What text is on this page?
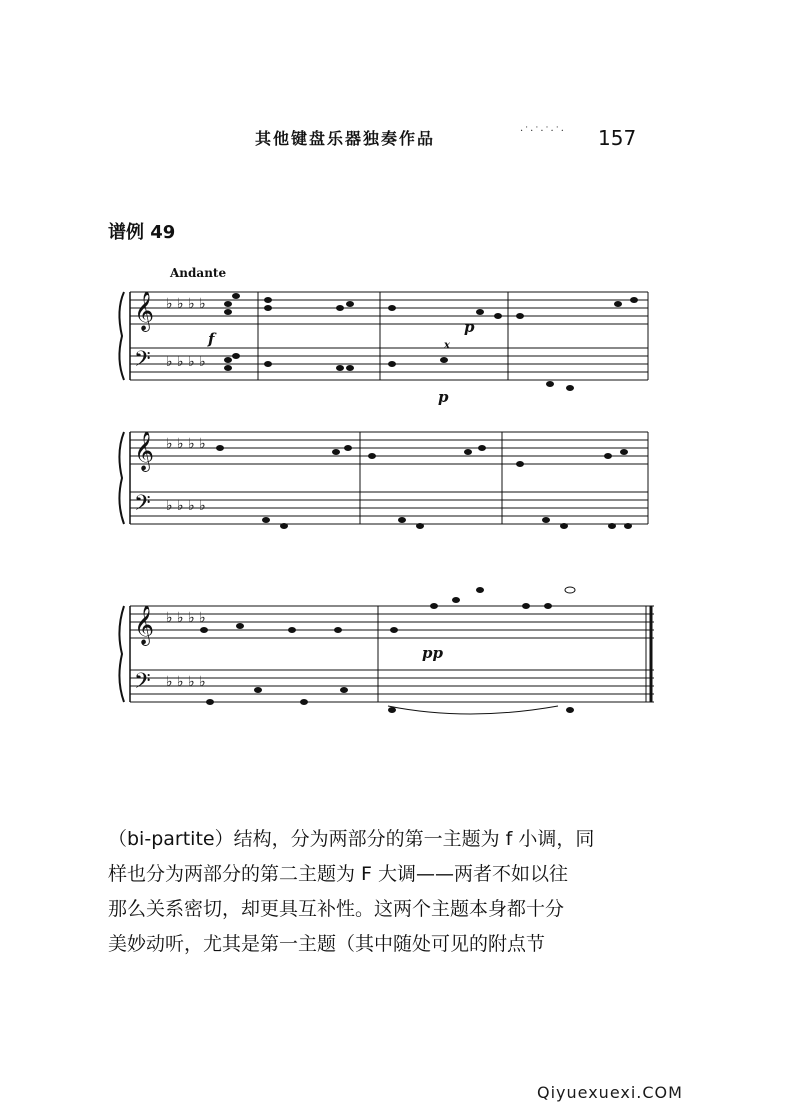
其他键盘乐器独奏作品	·˙·˙·˙·˙· 157
谱例 49
Andante
𝄞
𝄢
♭ ♭ ♭ ♭
♭ ♭ ♭ ♭
𝄞
𝄢
♭ ♭ ♭ ♭
♭ ♭ ♭ ♭
𝄞
𝄢
♭ ♭ ♭ ♭
♭ ♭ ♭ ♭
f
p
p
x
pp

（bi-partite）结构，分为两部分的第一主题为 f 小调，同

样也分为两部分的第二主题为 F 大调——两者不如以往

那么关系密切，却更具互补性。这两个主题本身都十分

美妙动听，尤其是第一主题（其中随处可见的附点节

Qiyuexuexi.COM
